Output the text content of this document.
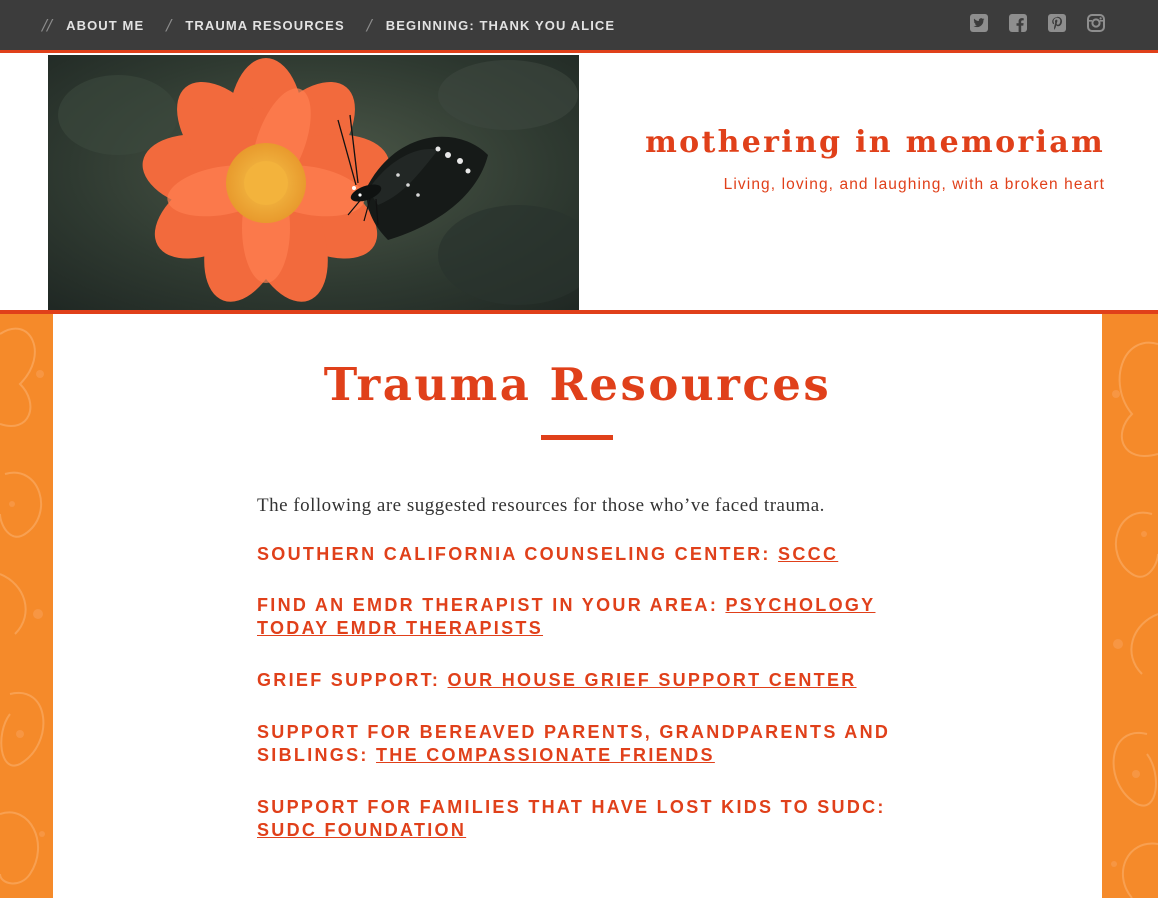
// ABOUT ME / TRAUMA RESOURCES / BEGINNING: THANK YOU ALICE
mothering in memoriam

Living, loving, and laughing, with a broken heart

Trauma Resources

The following are suggested resources for those who’ve faced trauma.

SOUTHERN CALIFORNIA COUNSELING CENTER: SCCC

FIND AN EMDR THERAPIST IN YOUR AREA: PSYCHOLOGY TODAY EMDR THERAPISTS

GRIEF SUPPORT: OUR HOUSE GRIEF SUPPORT CENTER

SUPPORT FOR BEREAVED PARENTS, GRANDPARENTS AND SIBLINGS: THE COMPASSIONATE FRIENDS

SUPPORT FOR FAMILIES THAT HAVE LOST KIDS TO SUDC: SUDC FOUNDATION
